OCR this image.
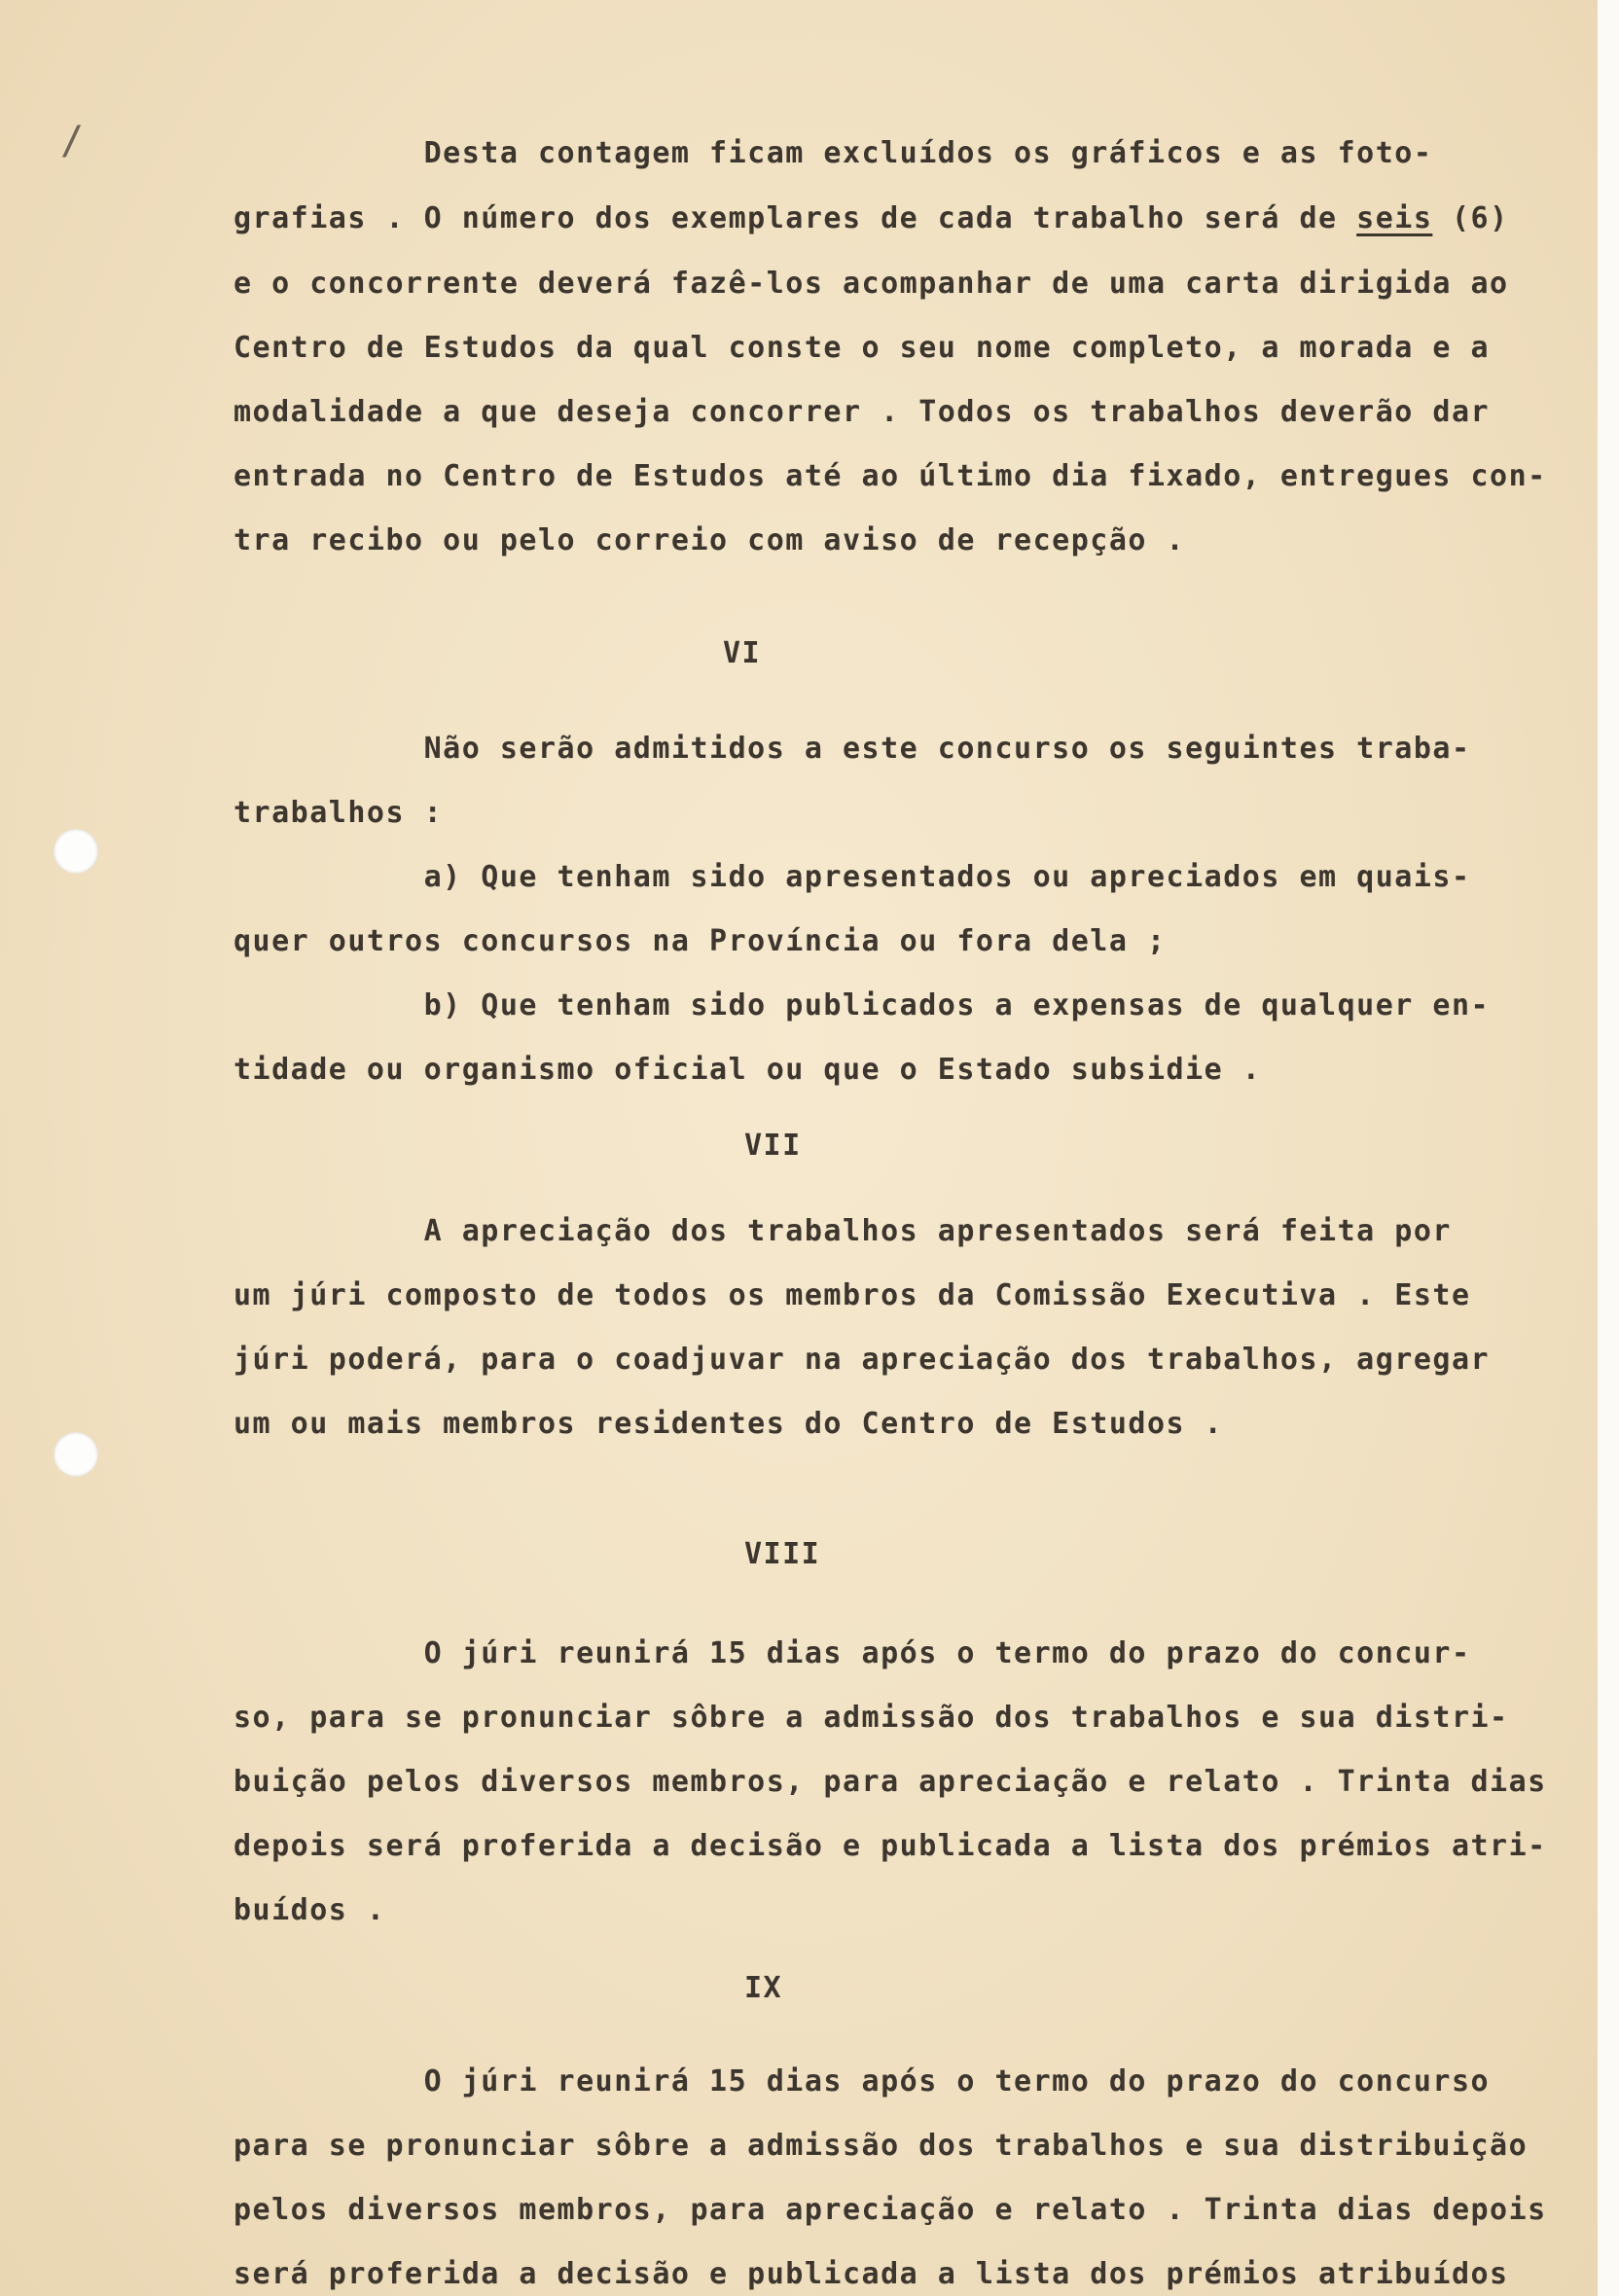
/	Desta contagem ficam excluídos os gráficos e as foto-
grafias . O número dos exemplares de cada trabalho será de seis (6)
e o concorrente deverá fazê-los acompanhar de uma carta dirigida ao
Centro de Estudos da qual conste o seu nome completo, a morada e a
modalidade a que deseja concorrer . Todos os trabalhos deverão dar
entrada no Centro de Estudos até ao último dia fixado, entregues con-
tra recibo ou pelo correio com aviso de recepção .
VI
Não serão admitidos a este concurso os seguintes traba-
trabalhos :
a) Que tenham sido apresentados ou apreciados em quais-
quer outros concursos na Província ou fora dela ;
b) Que tenham sido publicados a expensas de qualquer en-
tidade ou organismo oficial ou que o Estado subsidie .
VII
A apreciação dos trabalhos apresentados será feita por
um júri composto de todos os membros da Comissão Executiva . Este
júri poderá, para o coadjuvar na apreciação dos trabalhos, agregar
um ou mais membros residentes do Centro de Estudos .
VIII
O júri reunirá 15 dias após o termo do prazo do concur-
so, para se pronunciar sôbre a admissão dos trabalhos e sua distri-
buição pelos diversos membros, para apreciação e relato . Trinta dias
depois será proferida a decisão e publicada a lista dos prémios atri-
buídos .
IX
O júri reunirá 15 dias após o termo do prazo do concurso
para se pronunciar sôbre a admissão dos trabalhos e sua distribuição
pelos diversos membros, para apreciação e relato . Trinta dias depois
será proferida a decisão e publicada a lista dos prémios atribuídos
